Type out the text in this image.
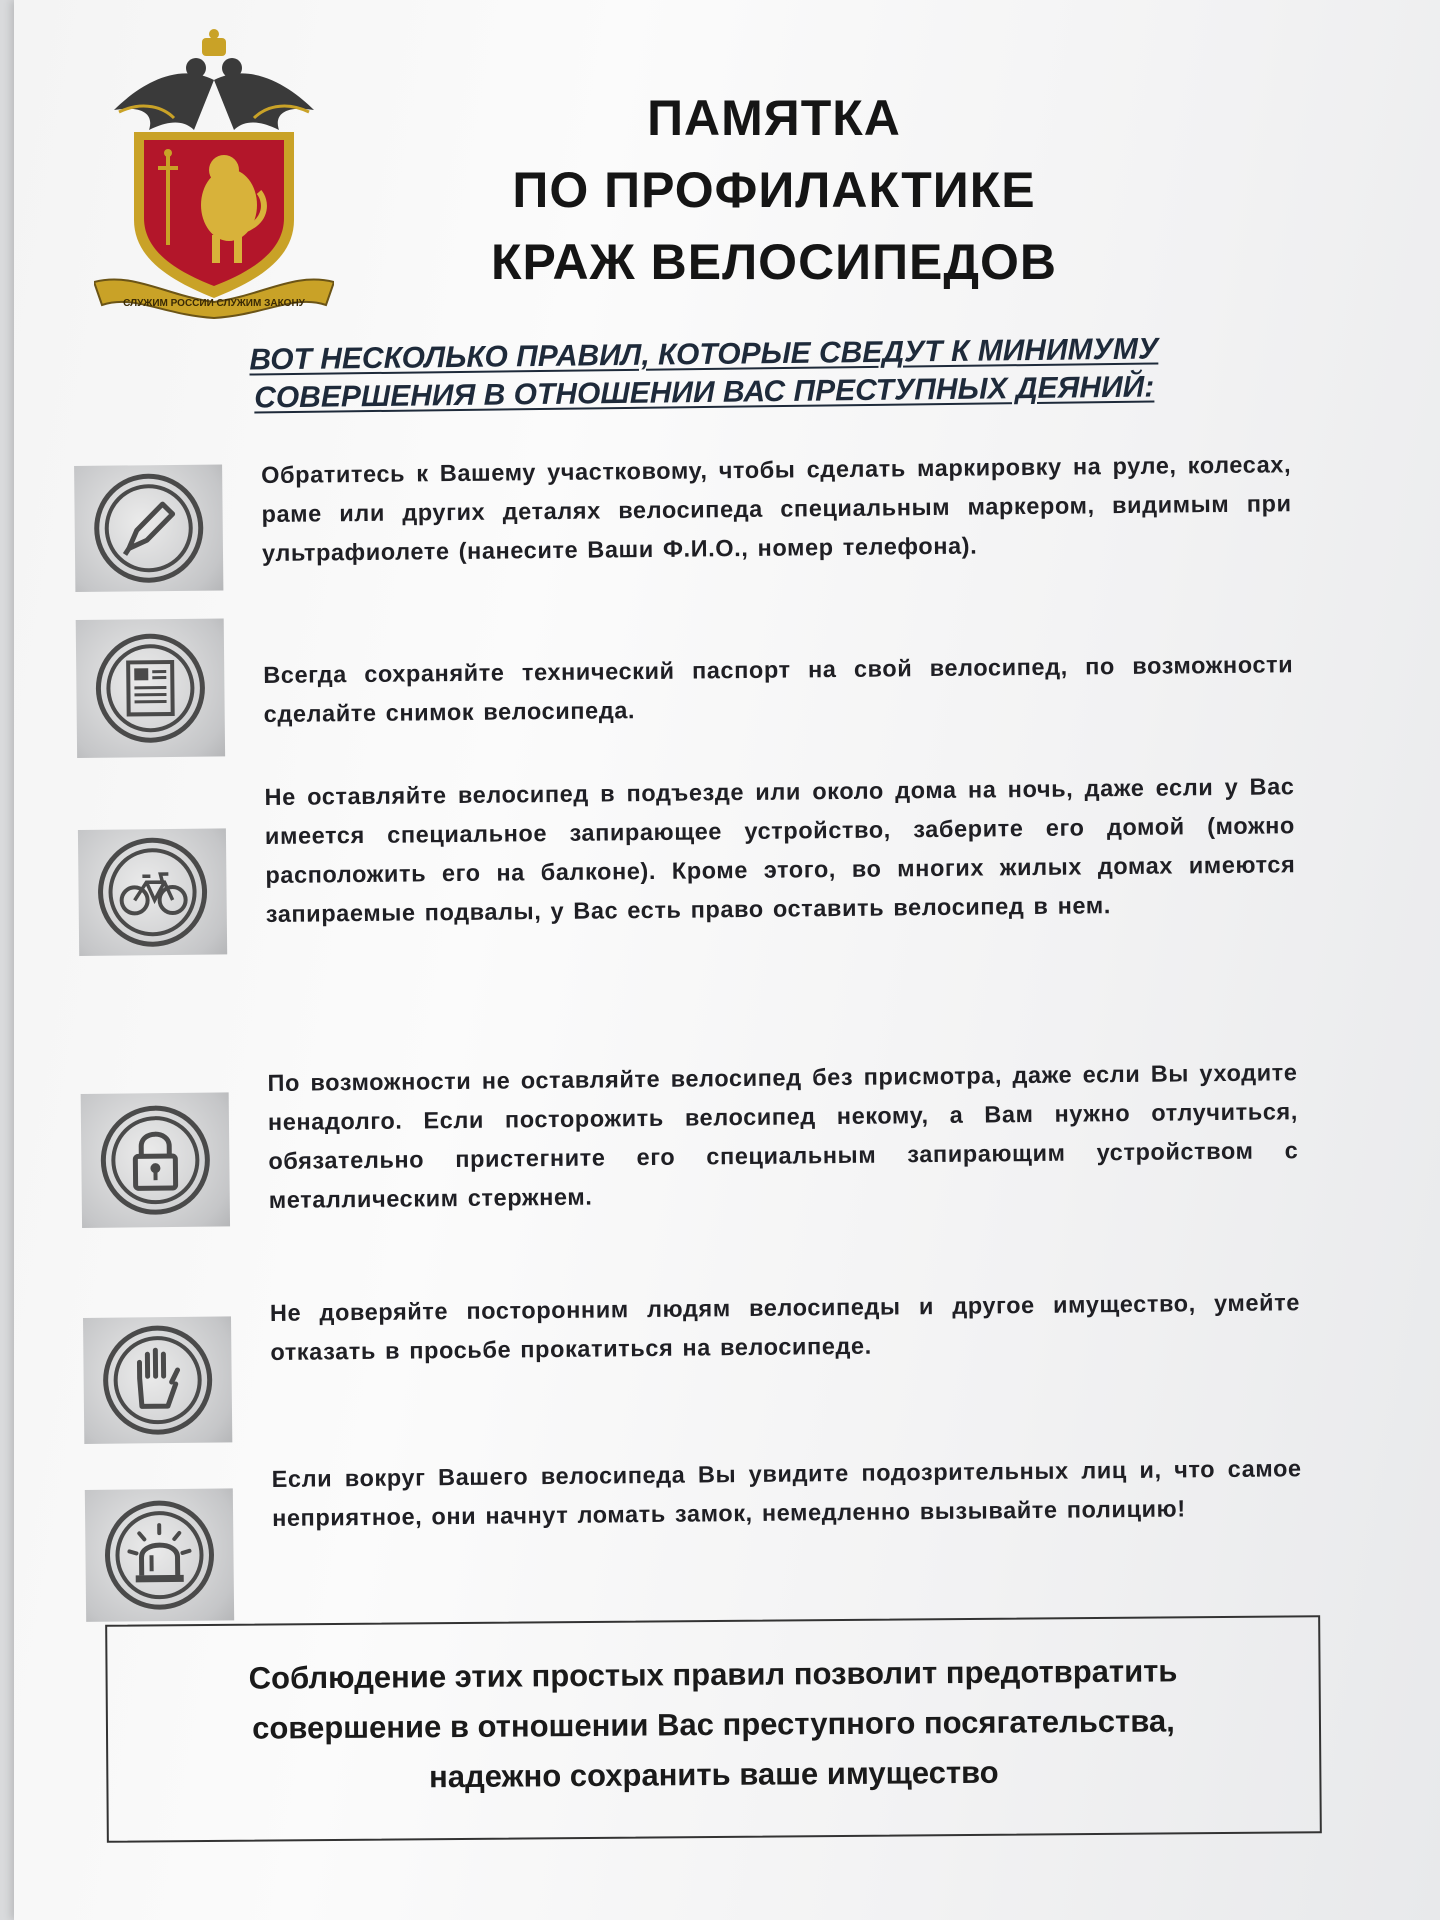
СЛУЖИМ РОССИИ СЛУЖИМ ЗАКОНУ
ПАМЯТКА
ПО ПРОФИЛАКТИКЕ
КРАЖ ВЕЛОСИПЕДОВ
ВОТ НЕСКОЛЬКО ПРАВИЛ, КОТОРЫЕ СВЕДУТ К МИНИМУМУ
СОВЕРШЕНИЯ В ОТНОШЕНИИ ВАС ПРЕСТУПНЫХ ДЕЯНИЙ:
Обратитесь к Вашему участковому, чтобы сделать маркировку на руле, колесах, раме или других деталях велосипеда специальным маркером, видимым при ультрафиолете (нанесите Ваши Ф.И.О., номер телефона).
Всегда сохраняйте технический паспорт на свой велосипед, по возможности сделайте снимок велосипеда.
Не оставляйте велосипед в подъезде или около дома на ночь, даже если у Вас имеется специальное запирающее устройство, заберите его домой (можно расположить его на балконе). Кроме этого, во многих жилых домах имеются запираемые подвалы, у Вас есть право оставить велосипед в нем.
По возможности не оставляйте велосипед без присмотра, даже если Вы уходите ненадолго. Если посторожить велосипед некому, а Вам нужно отлучиться, обязательно пристегните его специальным запирающим устройством с металлическим стержнем.
Не доверяйте посторонним людям велосипеды и другое имущество, умейте отказать в просьбе прокатиться на велосипеде.
Если вокруг Вашего велосипеда Вы увидите подозрительных лиц и, что самое неприятное, они начнут ломать замок, немедленно вызывайте полицию!
Соблюдение этих простых правил позволит предотвратить
совершение в отношении Вас преступного посягательства,
надежно сохранить ваше имущество
